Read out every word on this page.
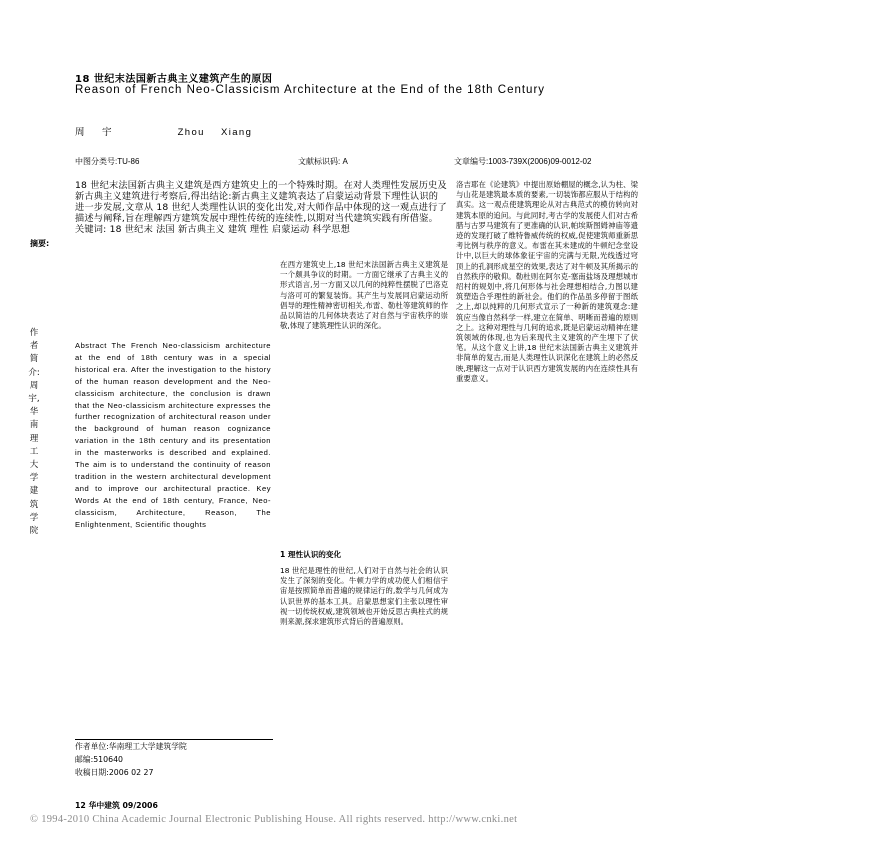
18 世纪末法国新古典主义建筑产生的原因
Reason of French Neo-Classicism Architecture at the End of the 18th Century
周    宇                Zhou    Xiang
中图分类号:TU-86	文献标识码: A	文章编号:1003-739X(2006)09-0012-02
摘要:
18 世纪末法国新古典主义建筑是西方建筑史上的一个特殊时期。在对人类理性发展历史及新古典主义建筑进行考察后,得出结论:新古典主义建筑表达了启蒙运动背景下理性认识的进一步发展,文章从 18 世纪人类理性认识的变化出发,对大师作品中体现的这一观点进行了描述与阐释,旨在理解西方建筑发展中理性传统的连续性,以期对当代建筑实践有所借鉴。 关键词: 18 世纪末 法国 新古典主义 建筑 理性 启蒙运动 科学思想
作者简介:周宇,华南理工大学建筑学院
Abstract The French Neo-classicism architecture at the end of 18th century was in a special historical era. After the investigation to the history of the human reason development and the Neo-classicism architecture, the conclusion is drawn that the Neo-classicism architecture expresses the further recognization of architectural reason under the background of human reason cognizance variation in the 18th century and its presentation in the masterworks is described and explained. The aim is to understand the continuity of reason tradition in the western architectural development and to improve our architectural practice. Key Words At the end of 18th century, France, Neo-classicism, Architecture, Reason, The Enlightenment, Scientific thoughts
在西方建筑史上,18 世纪末法国新古典主义建筑是一个颇具争议的时期。一方面它继承了古典主义的形式语言,另一方面又以几何的纯粹性摆脱了巴洛克与洛可可的繁复装饰。其产生与发展同启蒙运动所倡导的理性精神密切相关,布雷、勒杜等建筑师的作品以简洁的几何体块表达了对自然与宇宙秩序的崇敬,体现了建筑理性认识的深化。
1 理性认识的变化
18 世纪是理性的世纪,人们对于自然与社会的认识发生了深刻的变化。牛顿力学的成功使人们相信宇宙是按照简单而普遍的规律运行的,数学与几何成为认识世界的基本工具。启蒙思想家们主张以理性审视一切传统权威,建筑领域也开始反思古典柱式的规则来源,探求建筑形式背后的普遍原则。
洛吉耶在《论建筑》中提出原始棚屋的概念,认为柱、梁与山花是建筑最本质的要素,一切装饰都应服从于结构的真实。这一观点使建筑理论从对古典范式的模仿转向对建筑本原的追问。与此同时,考古学的发展使人们对古希腊与古罗马建筑有了更准确的认识,帕埃斯图姆神庙等遗迹的发现打破了维特鲁威传统的权威,促使建筑师重新思考比例与秩序的意义。布雷在其未建成的牛顿纪念堂设计中,以巨大的球体象征宇宙的完满与无限,光线透过穹顶上的孔洞形成星空的效果,表达了对牛顿及其所揭示的自然秩序的敬仰。勒杜则在阿尔克-塞南盐场及理想城市绍村的规划中,将几何形体与社会理想相结合,力图以建筑塑造合乎理性的新社会。他们的作品虽多停留于图纸之上,却以纯粹的几何形式宣示了一种新的建筑观念:建筑应当像自然科学一样,建立在简单、明晰而普遍的原则之上。这种对理性与几何的追求,既是启蒙运动精神在建筑领域的体现,也为后来现代主义建筑的产生埋下了伏笔。从这个意义上讲,18 世纪末法国新古典主义建筑并非简单的复古,而是人类理性认识深化在建筑上的必然反映,理解这一点对于认识西方建筑发展的内在连续性具有重要意义。
作者单位:华南理工大学建筑学院
邮编:510640
收稿日期:2006 02 27
12 华中建筑 09/2006
© 1994-2010 China Academic Journal Electronic Publishing House. All rights reserved. http://www.cnki.net
